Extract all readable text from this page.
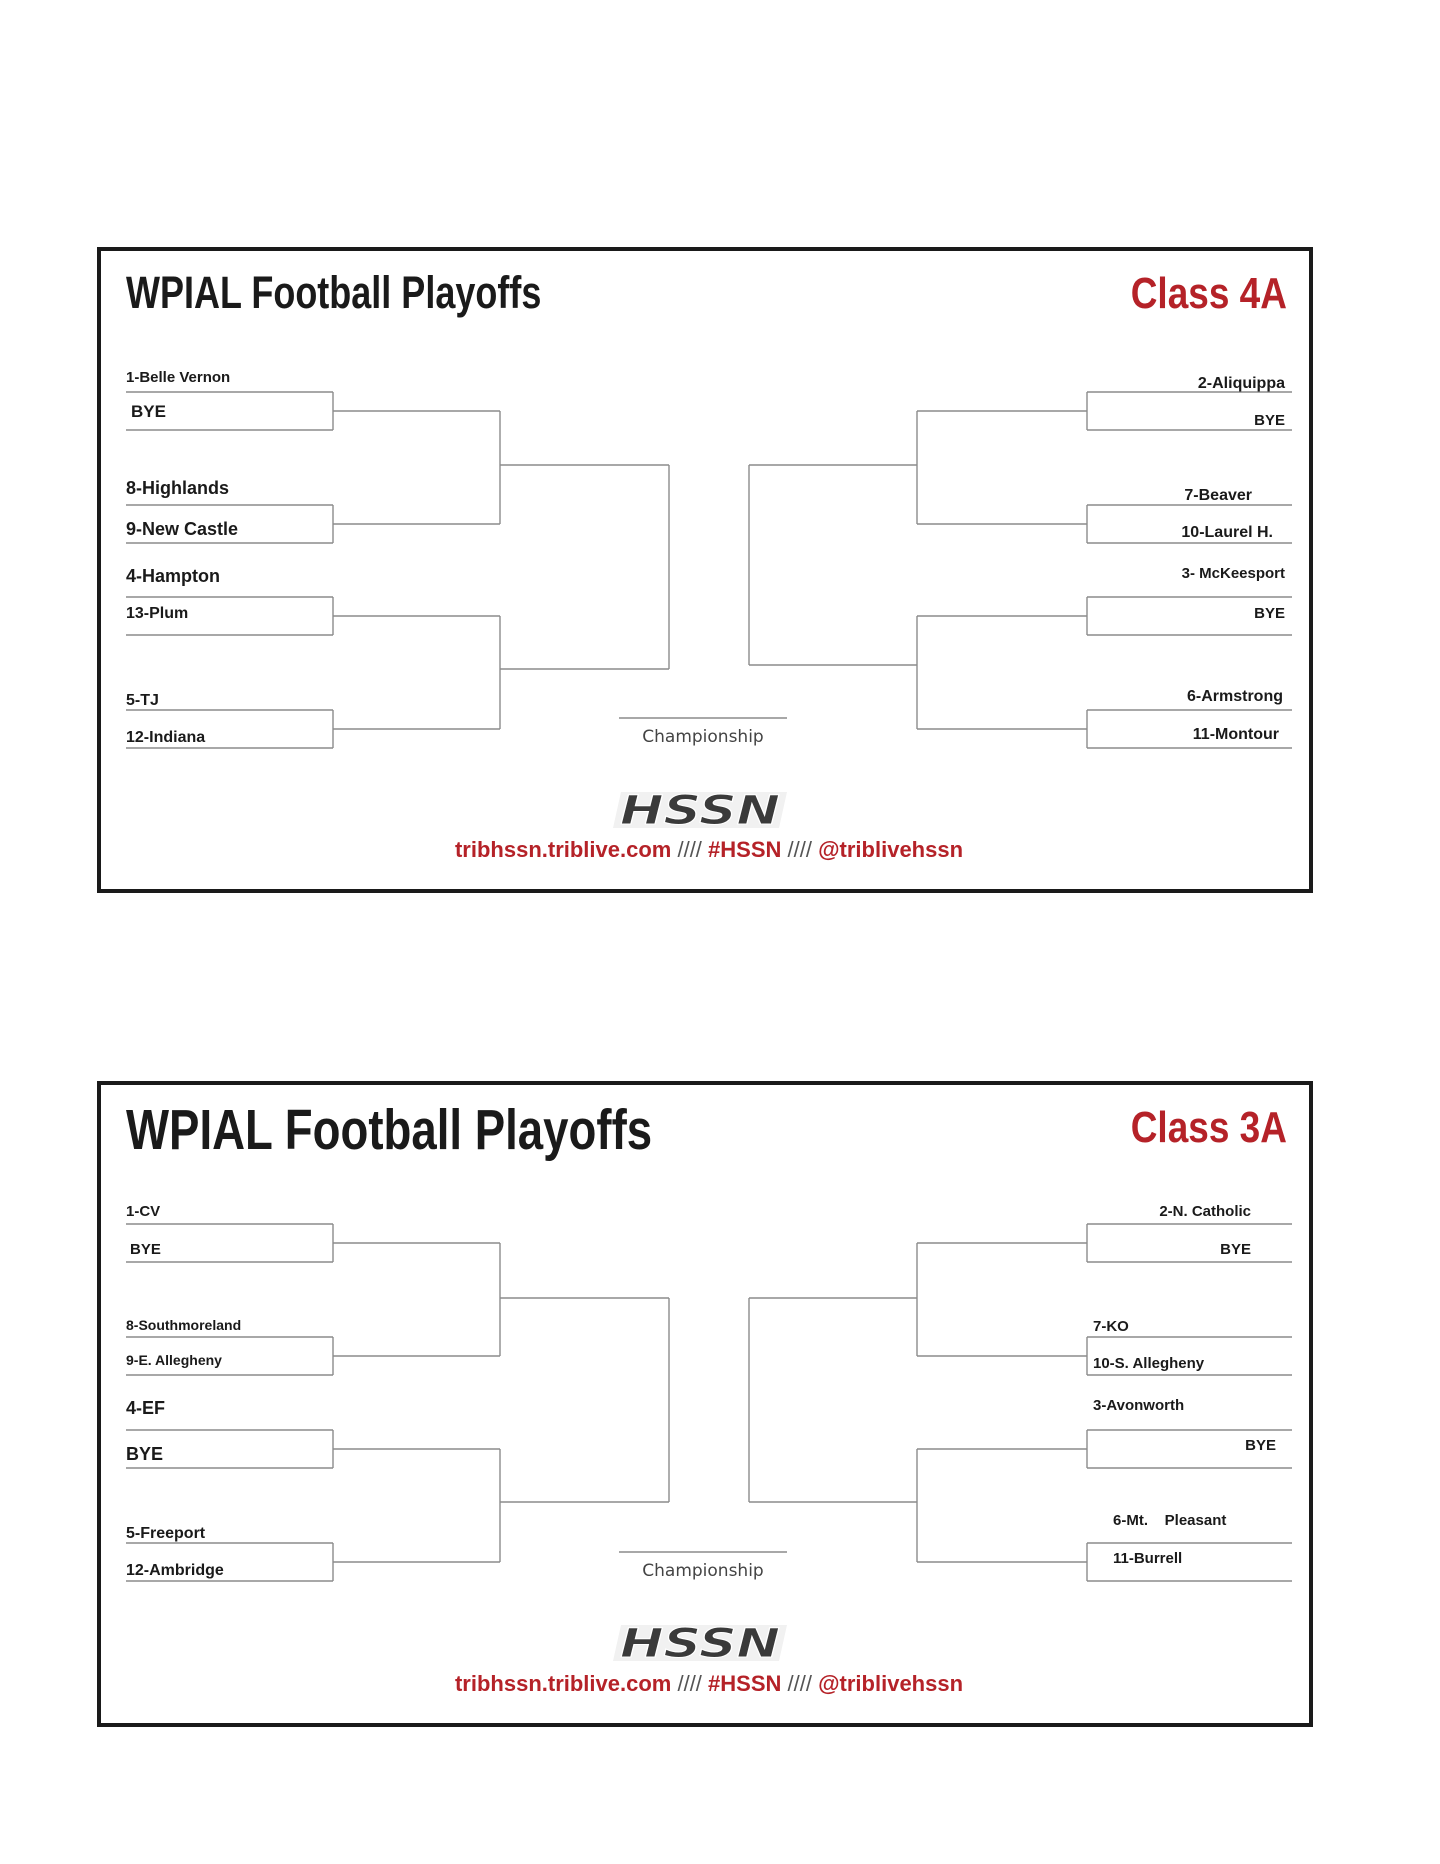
WPIAL Football Playoffs	Class 4A
1-Belle Vernon
BYE
8-Highlands
9-New Castle
4-Hampton
13-Plum
5-TJ
12-Indiana
2-Aliquippa
BYE
7-Beaver
10-Laurel H.
3- McKeesport
BYE
6-Armstrong
11-Montour
Championship
HSSN
tribhssn.triblive.com //// #HSSN //// @triblivehssn
WPIAL Football Playoffs	Class 3A
1-CV
BYE
8-Southmoreland
9-E. Allegheny
4-EF
BYE
5-Freeport
12-Ambridge
2-N. Catholic
BYE
7-KO
10-S. Allegheny
3-Avonworth
BYE
6-Mt.    Pleasant
11-Burrell
Championship
HSSN
tribhssn.triblive.com //// #HSSN //// @triblivehssn
